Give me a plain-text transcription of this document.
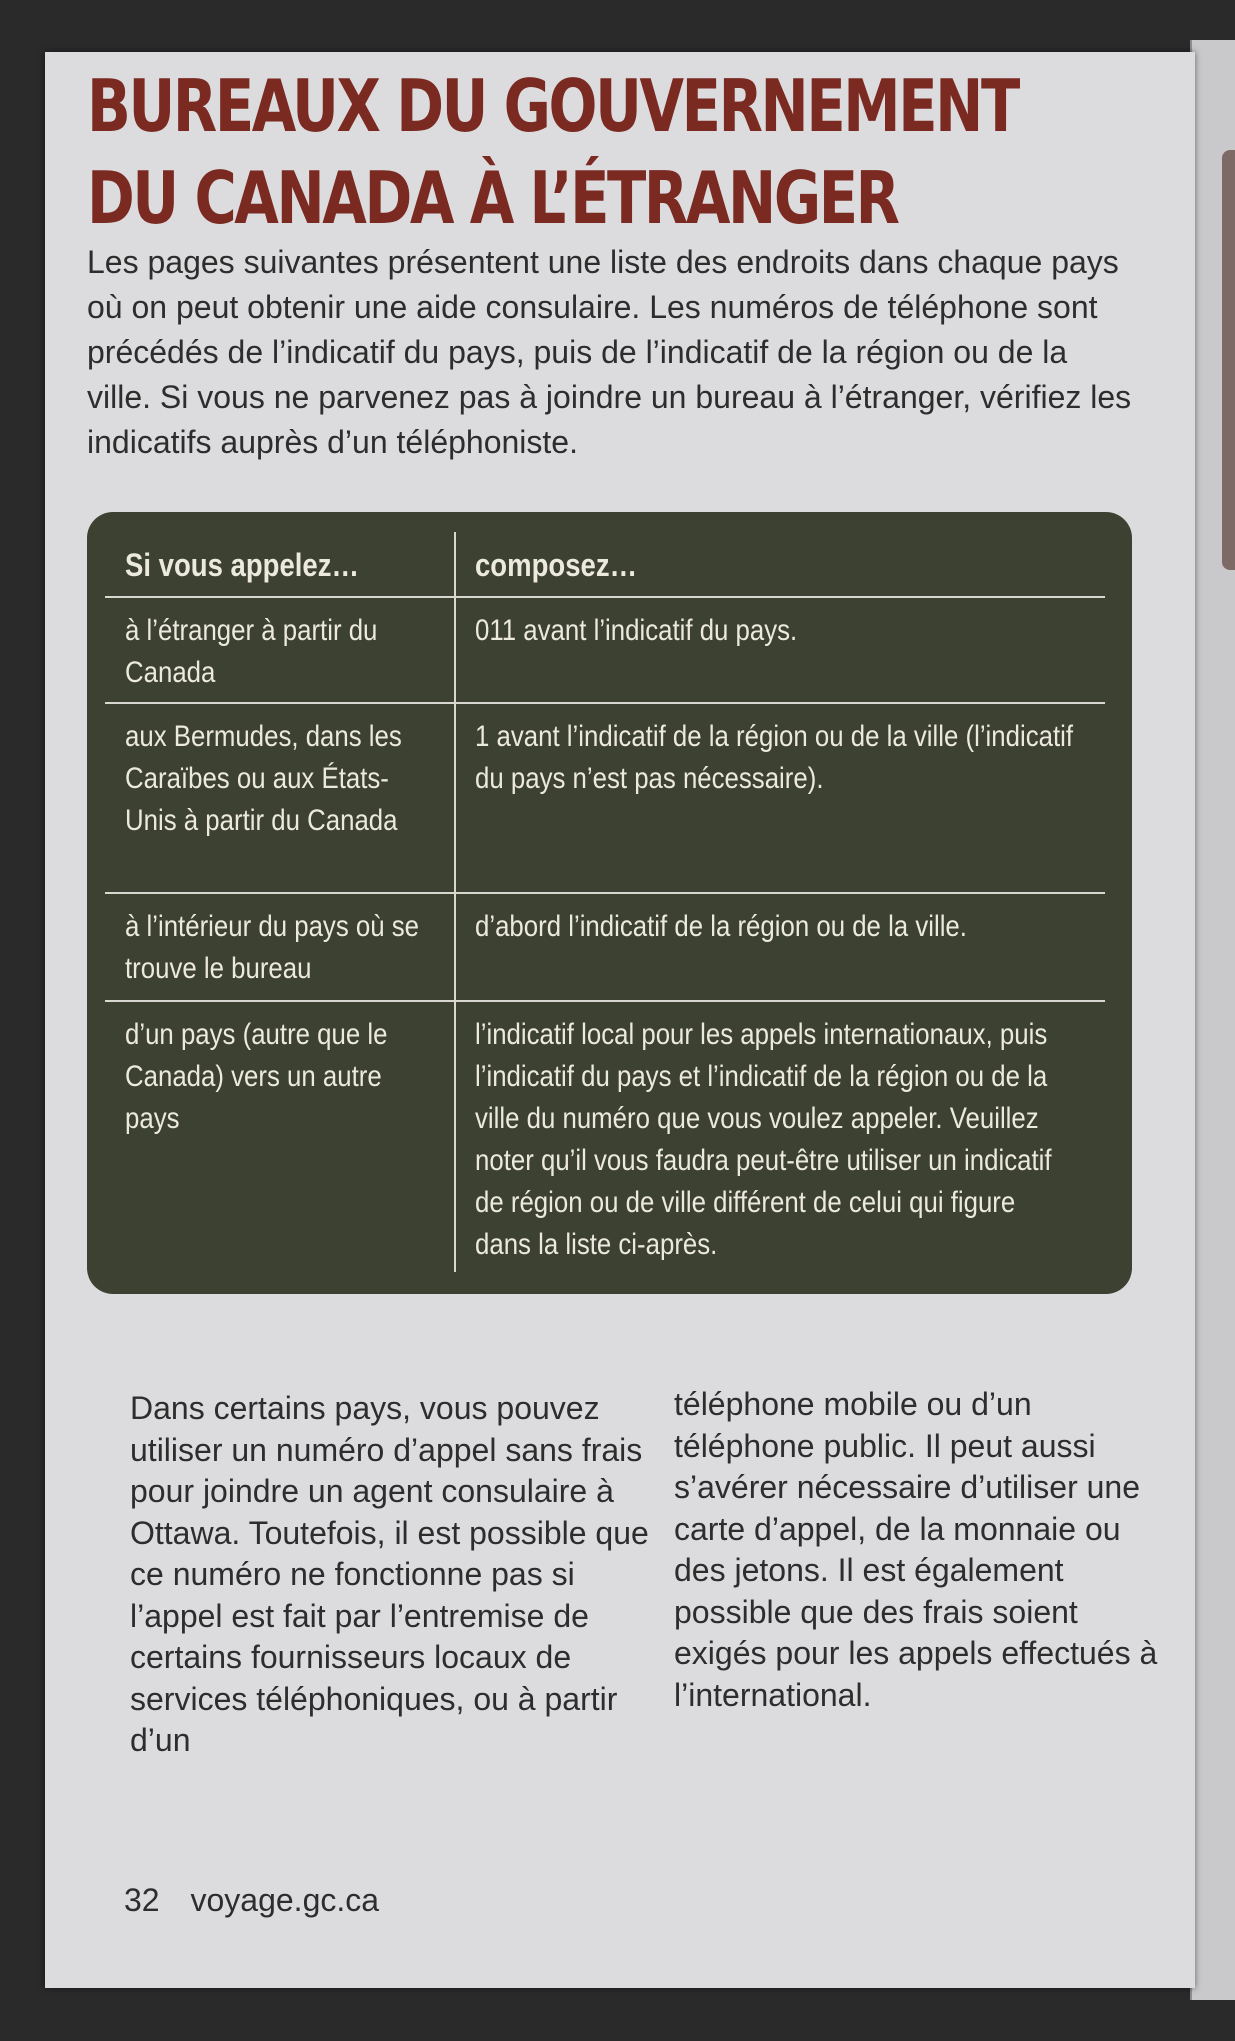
BUREAUX DU GOUVERNEMENT
DU CANADA À L’ÉTRANGER

Les pages suivantes présentent une liste des endroits dans chaque pays où on peut obtenir une aide consulaire. Les numéros de téléphone sont précédés de l’indicatif du pays, puis de l’indicatif de la région ou de la ville. Si vous ne parvenez pas à joindre un bureau à l’étranger, vérifiez les indicatifs auprès d’un téléphoniste.

Si vous appelez…	composez…
à l’étranger à partir du Canada
011 avant l’indicatif du pays.
aux Bermudes, dans les Caraïbes ou aux États-Unis à partir du Canada
1 avant l’indicatif de la région ou de la ville (l’indicatif du pays n’est pas nécessaire).
à l’intérieur du pays où se trouve le bureau
d’abord l’indicatif de la région ou de la ville.
d’un pays (autre que le Canada) vers un autre pays
l’indicatif local pour les appels internationaux, puis l’indicatif du pays et l’indicatif de la région ou de la ville du numéro que vous voulez appeler. Veuillez noter qu’il vous faudra peut-être utiliser un indicatif de région ou de ville différent de celui qui figure dans la liste ci-après.

Dans certains pays, vous pouvez utiliser un numéro d’appel sans frais pour joindre un agent consulaire à Ottawa. Toutefois, il est possible que ce numéro ne fonctionne pas si l’appel est fait par l’entremise de certains fournisseurs locaux de services téléphoniques, ou à partir d’un

téléphone mobile ou d’un téléphone public. Il peut aussi s’avérer nécessaire d’utiliser une carte d’appel, de la monnaie ou des jetons. Il est également possible que des frais soient exigés pour les appels effectués à l’international.

32 voyage.gc.ca
